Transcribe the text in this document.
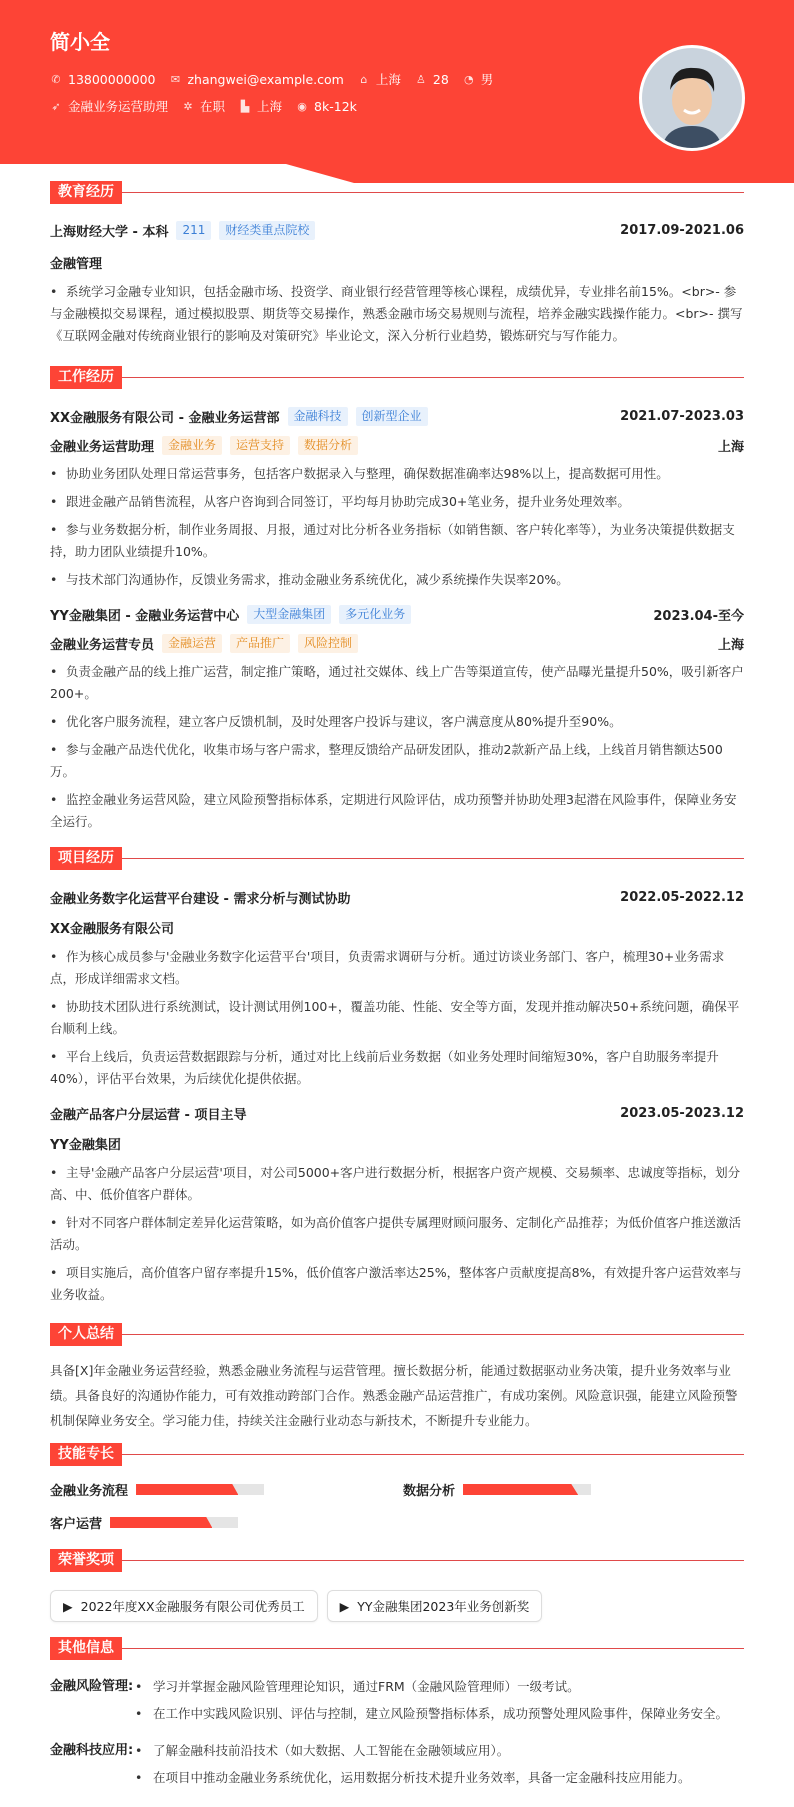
简小全
✆ 13800000000 ✉ zhangwei@example.com ⌂ 上海 ♙ 28 ◔ 男
➶ 金融业务运营助理 ✲ 在职 ▙ 上海 ◉ 8k-12k
教育经历
上海财经大学 - 本科	211	财经类重点院校	2017.09-2021.06
金融管理
• 系统学习金融专业知识，包括金融市场、投资学、商业银行经营管理等核心课程，成绩优异，专业排名前15%。<br>- 参与金融模拟交易课程，通过模拟股票、期货等交易操作，熟悉金融市场交易规则与流程，培养金融实践操作能力。<br>- 撰写《互联网金融对传统商业银行的影响及对策研究》毕业论文，深入分析行业趋势，锻炼研究与写作能力。
工作经历
XX金融服务有限公司 - 金融业务运营部	金融科技	创新型企业	2021.07-2023.03
金融业务运营助理	金融业务	运营支持	数据分析	上海
• 协助业务团队处理日常运营事务，包括客户数据录入与整理，确保数据准确率达98%以上，提高数据可用性。
• 跟进金融产品销售流程，从客户咨询到合同签订，平均每月协助完成30+笔业务，提升业务处理效率。
• 参与业务数据分析，制作业务周报、月报，通过对比分析各业务指标（如销售额、客户转化率等），为业务决策提供数据支持，助力团队业绩提升10%。
• 与技术部门沟通协作，反馈业务需求，推动金融业务系统优化，减少系统操作失误率20%。
YY金融集团 - 金融业务运营中心	大型金融集团	多元化业务	2023.04-至今
金融业务运营专员	金融运营	产品推广	风险控制	上海
• 负责金融产品的线上推广运营，制定推广策略，通过社交媒体、线上广告等渠道宣传，使产品曝光量提升50%，吸引新客户200+。
• 优化客户服务流程，建立客户反馈机制，及时处理客户投诉与建议，客户满意度从80%提升至90%。
• 参与金融产品迭代优化，收集市场与客户需求，整理反馈给产品研发团队，推动2款新产品上线，上线首月销售额达500万。
• 监控金融业务运营风险，建立风险预警指标体系，定期进行风险评估，成功预警并协助处理3起潜在风险事件，保障业务安全运行。
项目经历
金融业务数字化运营平台建设 - 需求分析与测试协助	2022.05-2022.12
XX金融服务有限公司
• 作为核心成员参与'金融业务数字化运营平台'项目，负责需求调研与分析。通过访谈业务部门、客户，梳理30+业务需求点，形成详细需求文档。
• 协助技术团队进行系统测试，设计测试用例100+，覆盖功能、性能、安全等方面，发现并推动解决50+系统问题，确保平台顺利上线。
• 平台上线后，负责运营数据跟踪与分析，通过对比上线前后业务数据（如业务处理时间缩短30%，客户自助服务率提升40%），评估平台效果，为后续优化提供依据。
金融产品客户分层运营 - 项目主导	2023.05-2023.12
YY金融集团
• 主导'金融产品客户分层运营'项目，对公司5000+客户进行数据分析，根据客户资产规模、交易频率、忠诚度等指标，划分高、中、低价值客户群体。
• 针对不同客户群体制定差异化运营策略，如为高价值客户提供专属理财顾问服务、定制化产品推荐；为低价值客户推送激活活动。
• 项目实施后，高价值客户留存率提升15%，低价值客户激活率达25%，整体客户贡献度提高8%，有效提升客户运营效率与业务收益。
个人总结
具备[X]年金融业务运营经验，熟悉金融业务流程与运营管理。擅长数据分析，能通过数据驱动业务决策，提升业务效率与业绩。具备良好的沟通协作能力，可有效推动跨部门合作。熟悉金融产品运营推广，有成功案例。风险意识强，能建立风险预警机制保障业务安全。学习能力佳，持续关注金融行业动态与新技术，不断提升专业能力。
技能专长
金融业务流程	数据分析
客户运营
荣誉奖项
▶ 2022年度XX金融服务有限公司优秀员工	▶ YY金融集团2023年业务创新奖
其他信息
金融风险管理:	• 学习并掌握金融风险管理理论知识，通过FRM（金融风险管理师）一级考试。
• 在工作中实践风险识别、评估与控制，建立风险预警指标体系，成功预警处理风险事件，保障业务安全。
金融科技应用:	• 了解金融科技前沿技术（如大数据、人工智能在金融领域应用）。
• 在项目中推动金融业务系统优化，运用数据分析技术提升业务效率，具备一定金融科技应用能力。
